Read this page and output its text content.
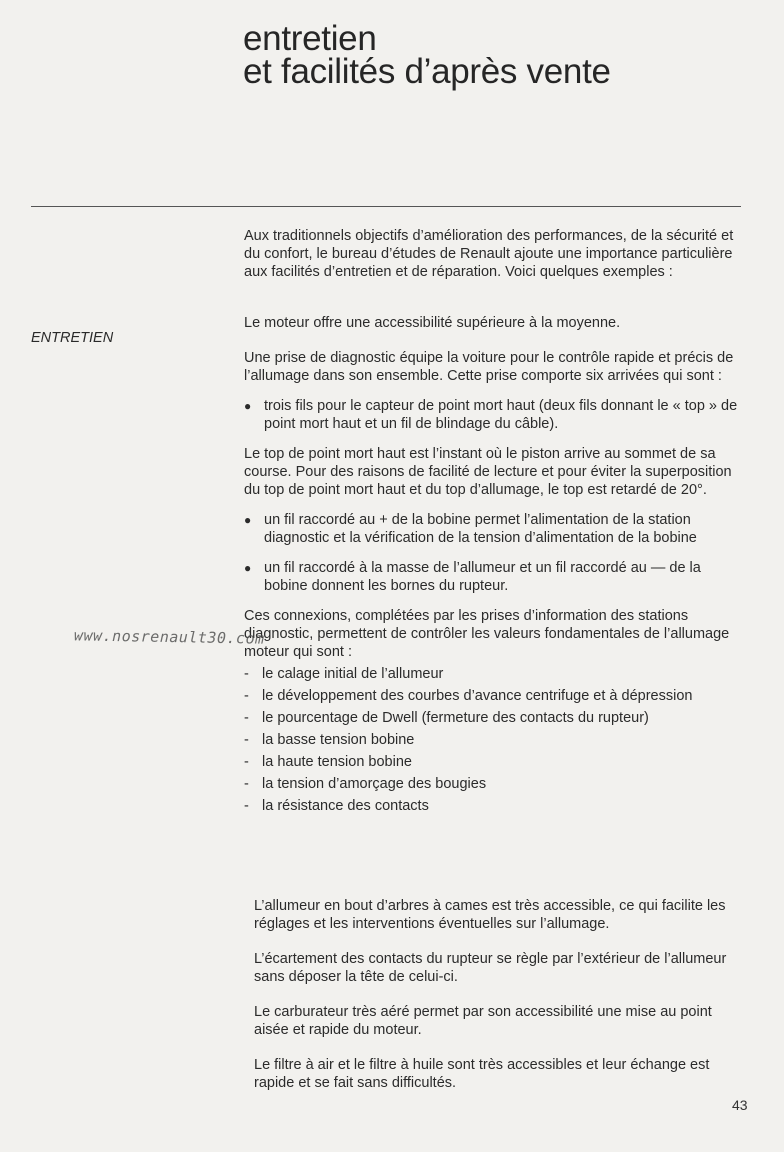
entretien
et facilités d’après vente
ENTRETIEN

Aux traditionnels objectifs d’amélioration des performances, de la sécurité et du confort, le bureau d’études de Renault ajoute une importance particulière aux facilités d’entretien et de réparation. Voici quelques exemples :

Le moteur offre une accessibilité supérieure à la moyenne.

Une prise de diagnostic équipe la voiture pour le contrôle rapide et précis de l’allumage dans son ensemble. Cette prise comporte six arrivées qui sont :

● trois fils pour le capteur de point mort haut (deux fils donnant le « top » de point mort haut et un fil de blindage du câble).

Le top de point mort haut est l’instant où le piston arrive au sommet de sa course. Pour des raisons de facilité de lecture et pour éviter la superposition du top de point mort haut et du top d’allumage, le top est retardé de 20°.

● un fil raccordé au + de la bobine permet l’alimentation de la station diagnostic et la vérification de la tension d’alimentation de la bobine
● un fil raccordé à la masse de l’allumeur et un fil raccordé au — de la bobine donnent les bornes du rupteur.

Ces connexions, complétées par les prises d’information des stations diagnostic, permettent de contrôler les valeurs fondamentales de l’allumage moteur qui sont :

- le calage initial de l’allumeur
- le développement des courbes d’avance centrifuge et à dépression
- le pourcentage de Dwell (fermeture des contacts du rupteur)
- la basse tension bobine
- la haute tension bobine
- la tension d’amorçage des bougies
- la résistance des contacts

L’allumeur en bout d’arbres à cames est très accessible, ce qui facilite les réglages et les interventions éventuelles sur l’allumage.

L’écartement des contacts du rupteur se règle par l’extérieur de l’allumeur sans déposer la tête de celui-ci.

Le carburateur très aéré permet par son accessibilité une mise au point aisée et rapide du moteur.

Le filtre à air et le filtre à huile sont très accessibles et leur échange est rapide et se fait sans difficultés.

www.nosrenault30.com
43
